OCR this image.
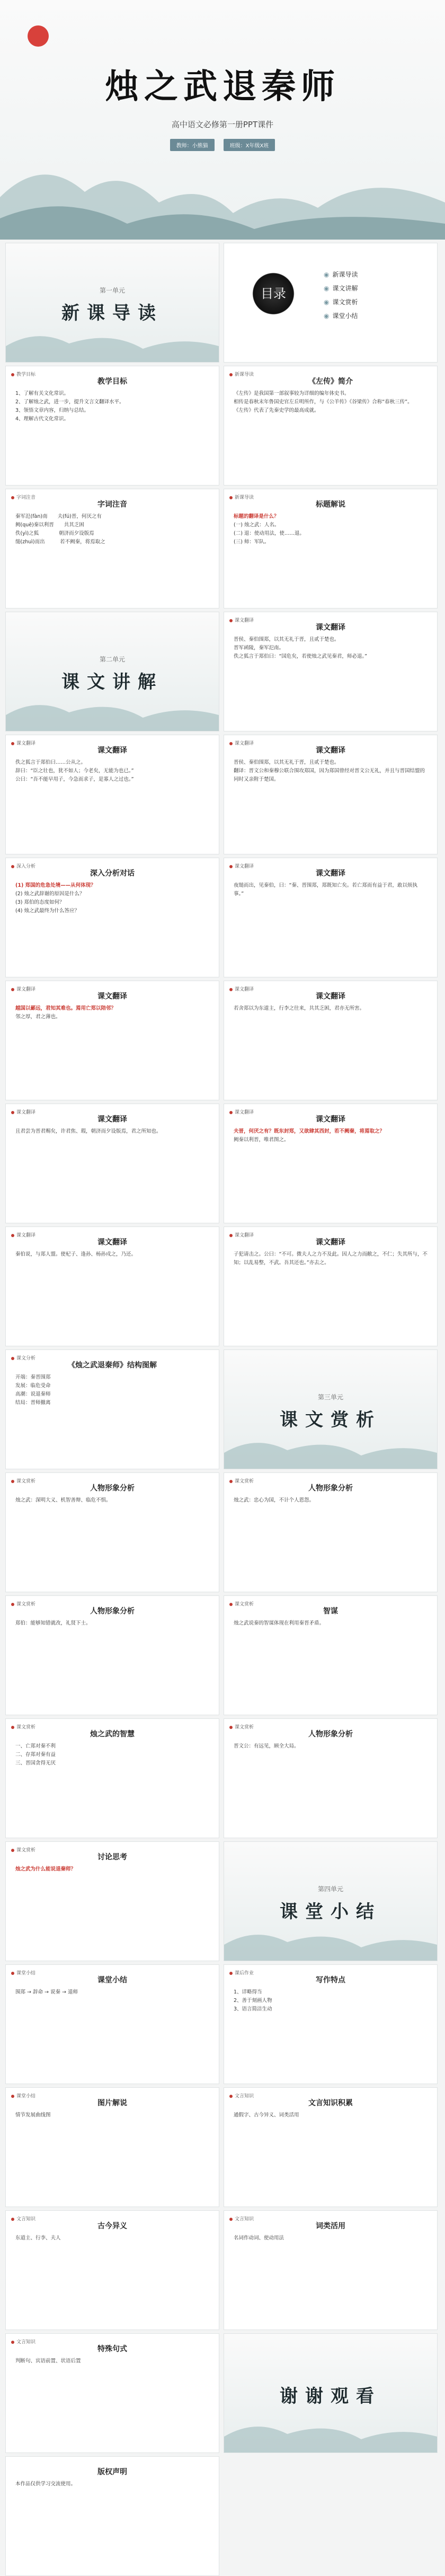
烛之武退秦师
高中语文必修第一册PPT课件
教师：小熊猫	班级：X年级X班
第一单元
新课导读
目录
◉ 新课导读
◉ 课文讲解
◉ 课文赏析
◉ 课堂小结
教学目标
教学目标

1、了解有关文化常识。

2、了解烛之武，进一步，提升文言文翻译水平。

3、领悟文章内容，归纳与总结。

4、理解古代文化常识。

新课导读
《左传》简介

《左传》是我国第一部叙事较为详细的编年体史书。

相传是春秋末年鲁国史官左丘明所作，与《公羊传》《谷梁传》合称“春秋三传”。

《左传》代表了先秦史学的最高成就。

字词注音
字词注音

秦军氾(fàn)南　　夫(fú)晋，何厌之有

阙(quē)秦以利晋　　共其乏困

佚(yì)之狐　　　　朝济而夕设版焉

缒(zhuì)而出　　　若不阙秦，将焉取之

新课导读
标题解说

标题的翻译是什么？

(一) 烛之武：人名。

(二) 退：使动用法，使……退。

(三) 师：军队。

第二单元
课文讲解
课文翻译
课文翻译

晋侯、秦伯围郑，以其无礼于晋，且贰于楚也。

晋军函陵，秦军氾南。

佚之狐言于郑伯曰：“国危矣，若使烛之武见秦君，师必退。”

课文翻译
课文翻译

佚之狐言于郑伯曰……公从之。

辞曰：“臣之壮也，犹不如人；今老矣，无能为也已。”

公曰：“吾不能早用子，今急而求子，是寡人之过也。”

课文翻译
课文翻译

晋侯、秦伯围郑，以其无礼于晋，且贰于楚也。

翻译：晋文公和秦穆公联合围攻郑国，因为郑国曾经对晋文公无礼，并且与晋国结盟的同时又亲附于楚国。

深入分析
深入分析对话

(1) 郑国的危急处境——从何体现？

(2) 烛之武辞谢的原因是什么？

(3) 郑伯的态度如何？

(4) 烛之武最终为什么答应？

课文翻译
课文翻译

夜缒而出，见秦伯，曰：“秦、晋围郑，郑既知亡矣。若亡郑而有益于君，敢以烦执事。”

课文翻译
课文翻译

越国以鄙远，君知其难也。焉用亡郑以陪邻？

邻之厚，君之薄也。

课文翻译
课文翻译

若舍郑以为东道主，行李之往来，共其乏困，君亦无所害。

课文翻译
课文翻译

且君尝为晋君赐矣，许君焦、瑕，朝济而夕设版焉，君之所知也。

课文翻译
课文翻译

夫晋，何厌之有？既东封郑，又欲肆其西封，若不阙秦，将焉取之？

阙秦以利晋，唯君图之。

课文翻译
课文翻译

秦伯说，与郑人盟。使杞子、逢孙、杨孙戍之，乃还。

课文翻译
课文翻译

子犯请击之。公曰：“不可。微夫人之力不及此。因人之力而敝之，不仁；失其所与，不知；以乱易整，不武。吾其还也。”亦去之。

课文分析
《烛之武退秦师》结构图解

开端：秦晋围郑

发展：临危受命

高潮：说退秦师

结局：晋师撤离

第三单元
课文赏析
课文赏析
人物形象分析

烛之武：深明大义、机智善辩、临危不惧。

课文赏析
人物形象分析

烛之武：忠心为国，不计个人恩怨。

课文赏析
人物形象分析

郑伯：能够知错就改，礼贤下士。

课文赏析
智谋

烛之武说秦的智谋体现在利用秦晋矛盾。

课文赏析
烛之武的智慧

一、亡郑对秦不利

二、存郑对秦有益

三、晋国贪得无厌

课文赏析
人物形象分析

晋文公：有远见，顾全大局。

课文赏析
讨论思考

烛之武为什么能说退秦师？

第四单元
课堂小结
课堂小结
课堂小结

围郑 → 辞命 → 说秦 → 退师

课后作业
写作特点

1、详略得当

2、善于刻画人物

3、语言简洁生动

课堂小结
图片解说

情节发展曲线图

文言知识
文言知识积累

通假字、古今异义、词类活用

文言知识
古今异义

东道主、行李、夫人

文言知识
词类活用

名词作动词、使动用法

文言知识
特殊句式

判断句、宾语前置、状语后置

谢谢观看
版权声明

本作品仅供学习交流使用。
